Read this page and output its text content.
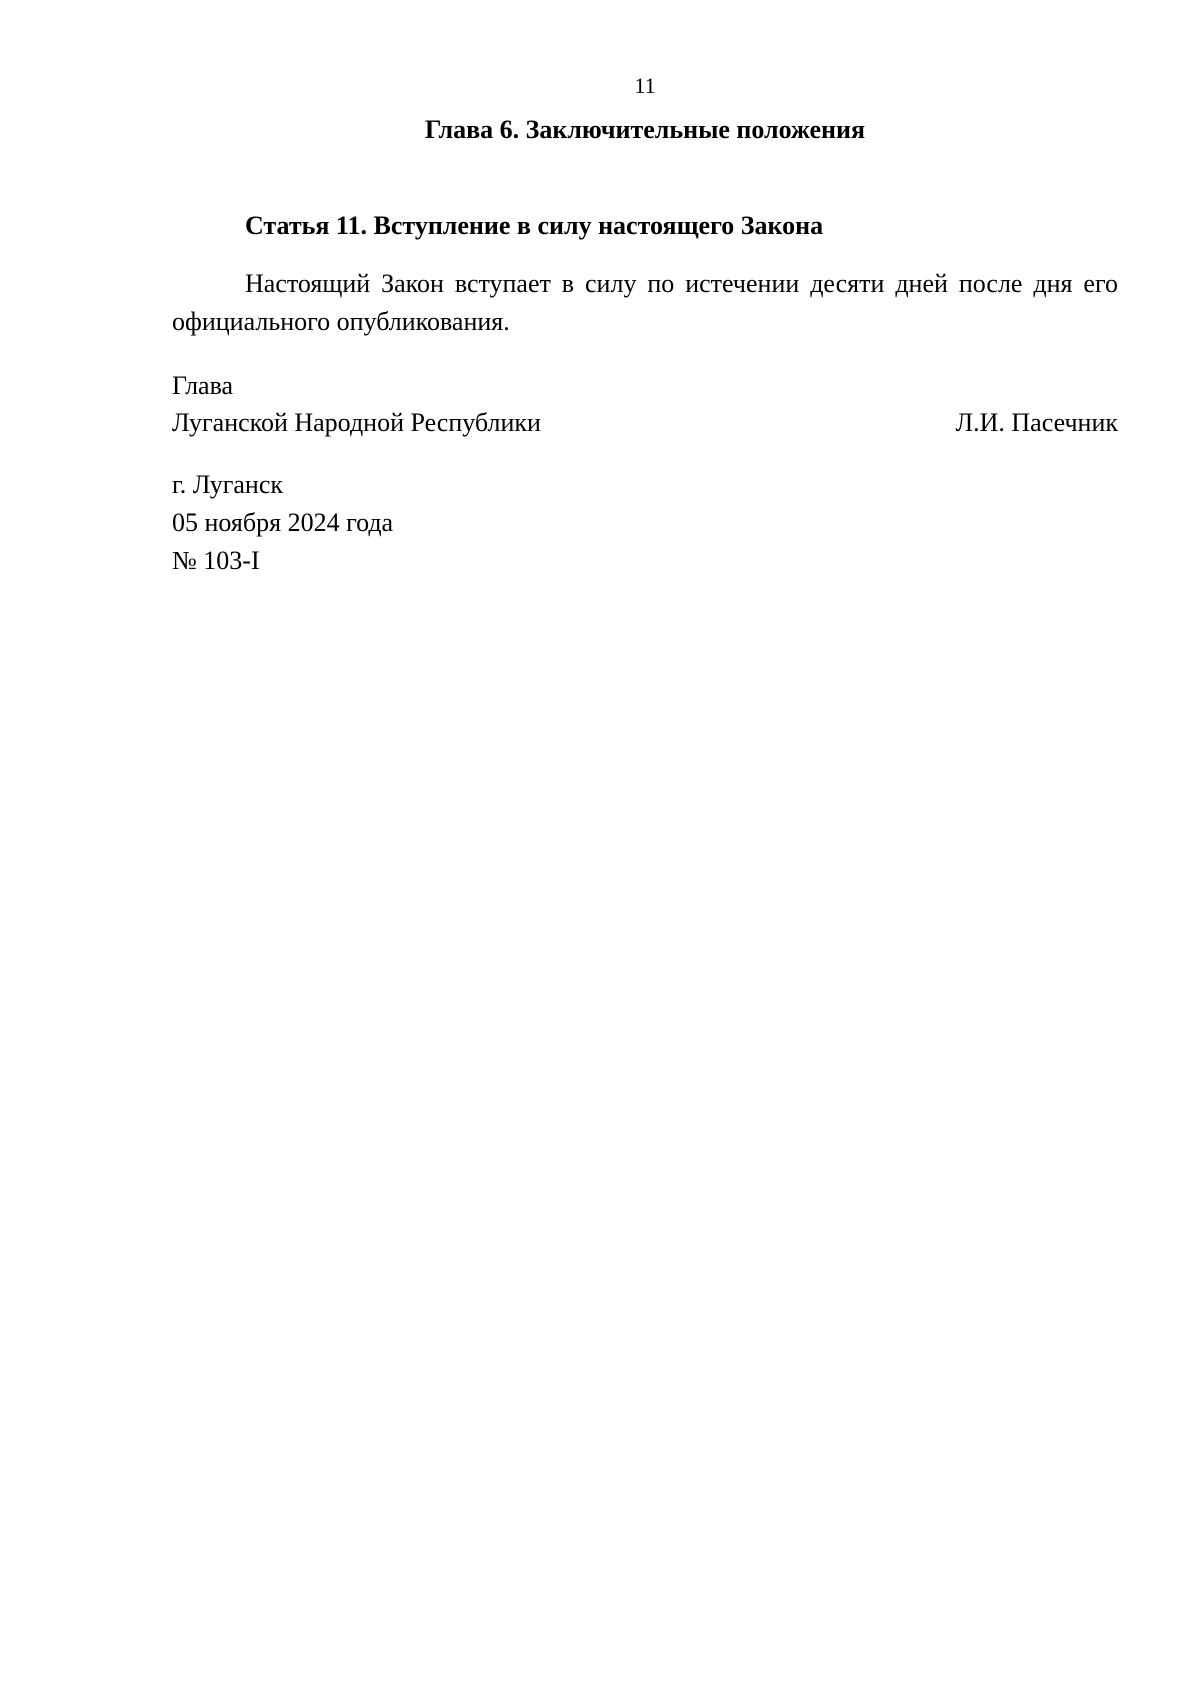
11
Глава 6. Заключительные положения
Статья 11. Вступление в силу настоящего Закона

Настоящий Закон вступает в силу по истечении десяти дней после дня его официального опубликования.

Глава
Луганской Народной Республики	Л.И. Пасечник
г. Луганск
05 ноября 2024 года
№ 103-I
